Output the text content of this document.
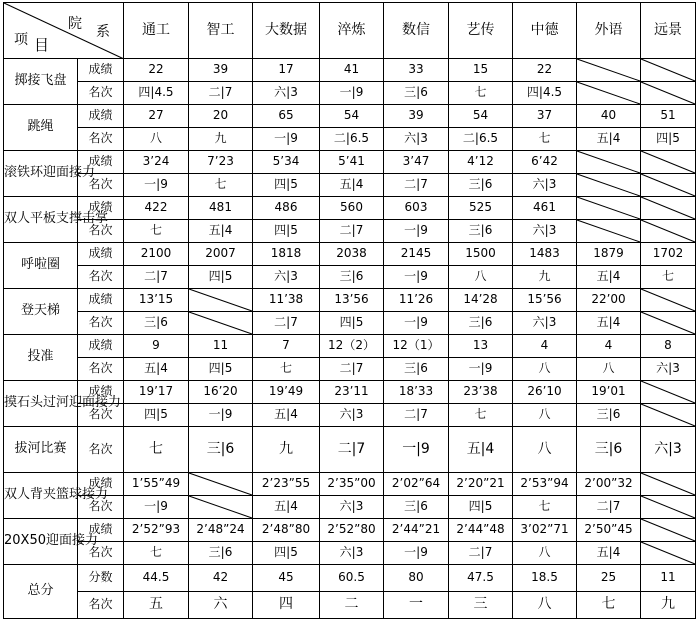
院 系
项 目		通工	智工	大数据	淬炼	数信	艺传	中德	外语	远景
掷接飞盘	成绩	22	39	17	41	33	15	22	

	名次	四|4.5	二|7	六|3	一|9	三|6	七	四|4.5	

跳绳	成绩	27	20	65	54	39	54	37	40	51
	名次	八	九	一|9	二|6.5	六|3	二|6.5	七	五|4	四|5
滚铁环迎面接力	成绩	3’24	7’23	5’34	5’41	3’47	4’12	6’42	

	名次	一|9	七	四|5	五|4	二|7	三|6	六|3	

双人平板支撑击掌	成绩	422	481	486	560	603	525	461	

	名次	七	五|4	四|5	二|7	一|9	三|6	六|3	

呼啦圈	成绩	2100	2007	1818	2038	2145	1500	1483	1879	1702
	名次	二|7	四|5	六|3	三|6	一|9	八	九	五|4	七
登天梯	成绩	13’15		11’38	13’56	11’26	14’28	15’56	22’00	

	名次	三|6		二|7	四|5	一|9	三|6	六|3	五|4	

投准	成绩	9	11	7	12（2）	12（1）	13	4	4	8
	名次	五|4	四|5	七	二|7	三|6	一|9	八	八	六|3
摸石头过河迎面接力	成绩	19’17	16’20	19’49	23’11	18’33	23’38	26’10	19’01	

	名次	四|5	一|9	五|4	六|3	二|7	七	八	三|6	

拔河比赛	名次	七	三|6	九	二|7	一|9	五|4	八	三|6	六|3
双人背夹篮球接力	成绩	1’55”49		2’23”55	2’35”00	2’02”64	2’20”21	2’53”94	2’00”32	

	名次	一|9		五|4	六|3	三|6	四|5	七	二|7	

20X50迎面接力	成绩	2’52”93	2’48”24	2’48”80	2’52”80	2’44”21	2’44”48	3’02”71	2’50”45	

	名次	七	三|6	四|5	六|3	一|9	二|7	八	五|4	

总分	分数	44.5	42	45	60.5	80	47.5	18.5	25	11
	名次	五	六	四	二	一	三	八	七	九
